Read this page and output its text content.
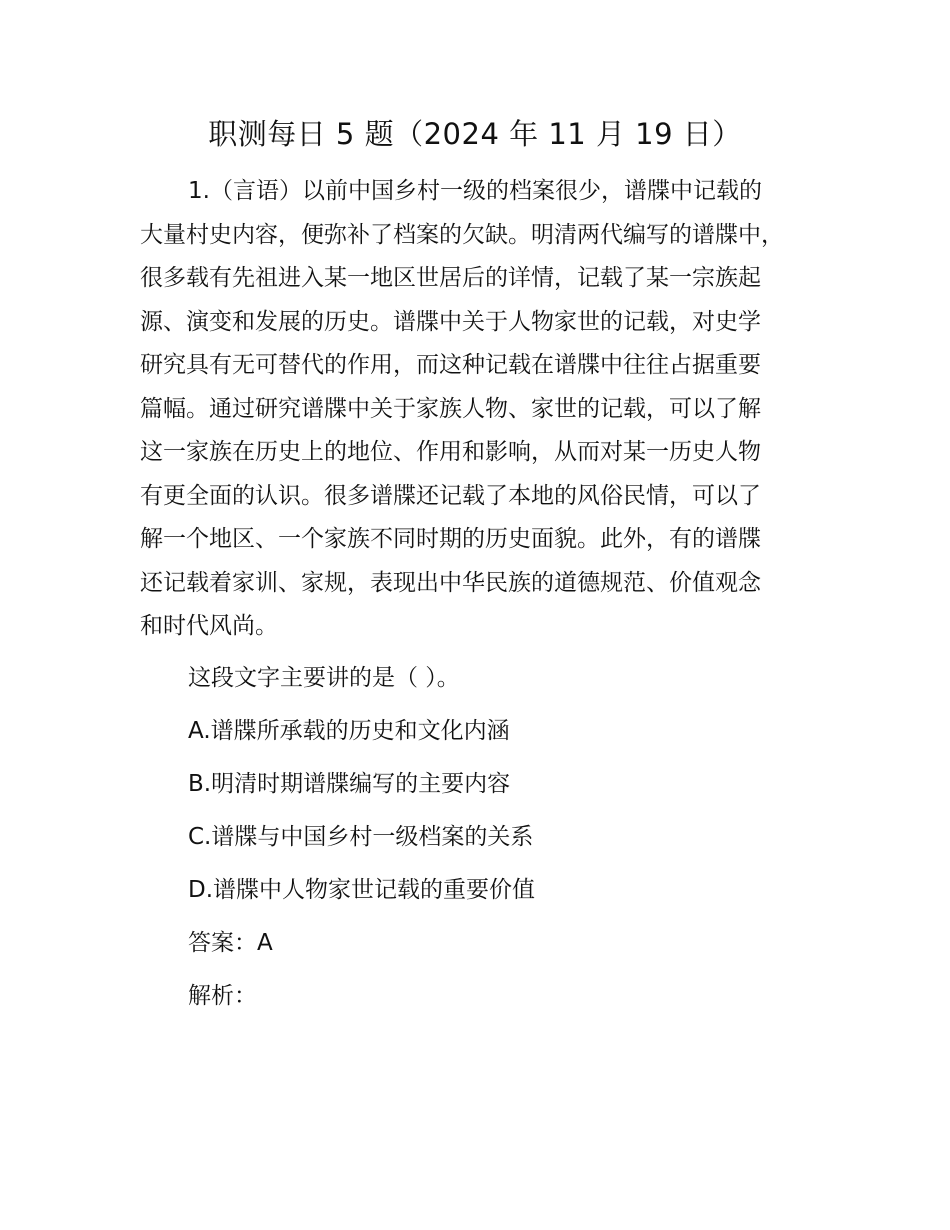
职测每日 5 题（2024 年 11 月 19 日）
1.（言语）以前中国乡村一级的档案很少，谱牒中记载的
大量村史内容，便弥补了档案的欠缺。明清两代编写的谱牒中，
很多载有先祖进入某一地区世居后的详情，记载了某一宗族起
源、演变和发展的历史。谱牒中关于人物家世的记载，对史学
研究具有无可替代的作用，而这种记载在谱牒中往往占据重要
篇幅。通过研究谱牒中关于家族人物、家世的记载，可以了解
这一家族在历史上的地位、作用和影响，从而对某一历史人物
有更全面的认识。很多谱牒还记载了本地的风俗民情，可以了
解一个地区、一个家族不同时期的历史面貌。此外，有的谱牒
还记载着家训、家规，表现出中华民族的道德规范、价值观念
和时代风尚。

这段文字主要讲的是（ ）。

A.谱牒所承载的历史和文化内涵

B.明清时期谱牒编写的主要内容

C.谱牒与中国乡村一级档案的关系

D.谱牒中人物家世记载的重要价值

答案：A

解析：
